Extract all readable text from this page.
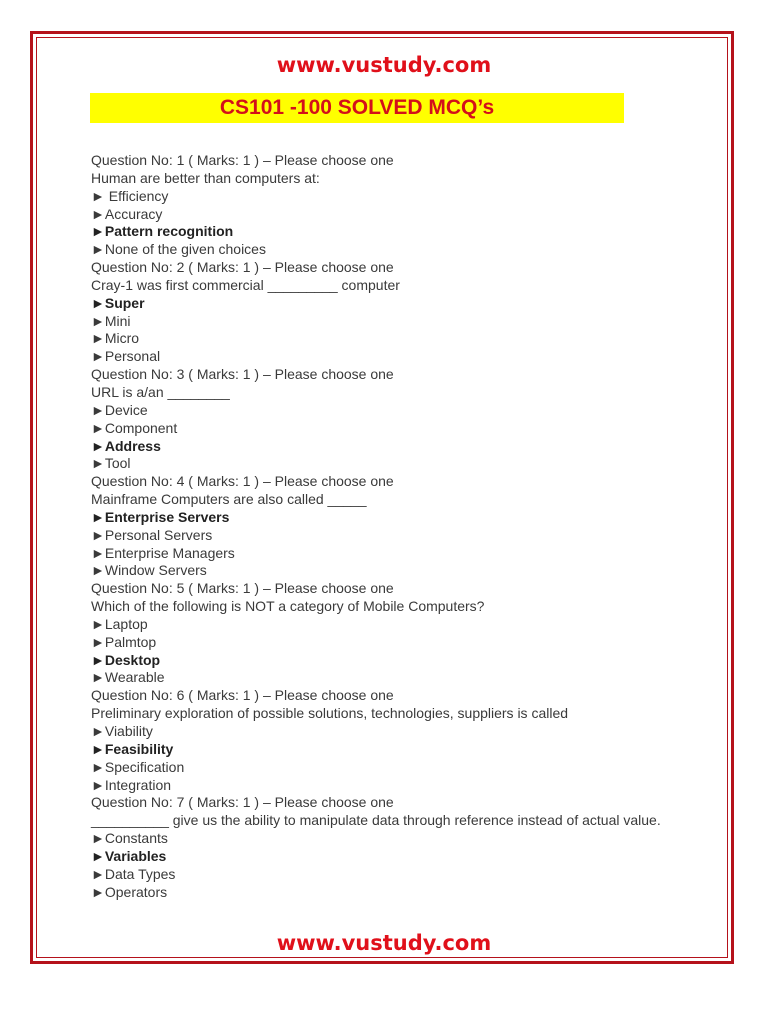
www.vustudy.com
CS101 -100 SOLVED MCQ’s
Question No: 1 ( Marks: 1 ) – Please choose one
Human are better than computers at:
► Efficiency
►Accuracy
►Pattern recognition
►None of the given choices
Question No: 2 ( Marks: 1 ) – Please choose one
Cray-1 was first commercial _________ computer
►Super
►Mini
►Micro
►Personal
Question No: 3 ( Marks: 1 ) – Please choose one
URL is a/an ________
►Device
►Component
►Address
►Tool
Question No: 4 ( Marks: 1 ) – Please choose one
Mainframe Computers are also called _____
►Enterprise Servers
►Personal Servers
►Enterprise Managers
►Window Servers
Question No: 5 ( Marks: 1 ) – Please choose one
Which of the following is NOT a category of Mobile Computers?
►Laptop
►Palmtop
►Desktop
►Wearable
Question No: 6 ( Marks: 1 ) – Please choose one
Preliminary exploration of possible solutions, technologies, suppliers is called
►Viability
►Feasibility
►Specification
►Integration
Question No: 7 ( Marks: 1 ) – Please choose one
__________ give us the ability to manipulate data through reference instead of actual value.
►Constants
►Variables
►Data Types
►Operators
www.vustudy.com
